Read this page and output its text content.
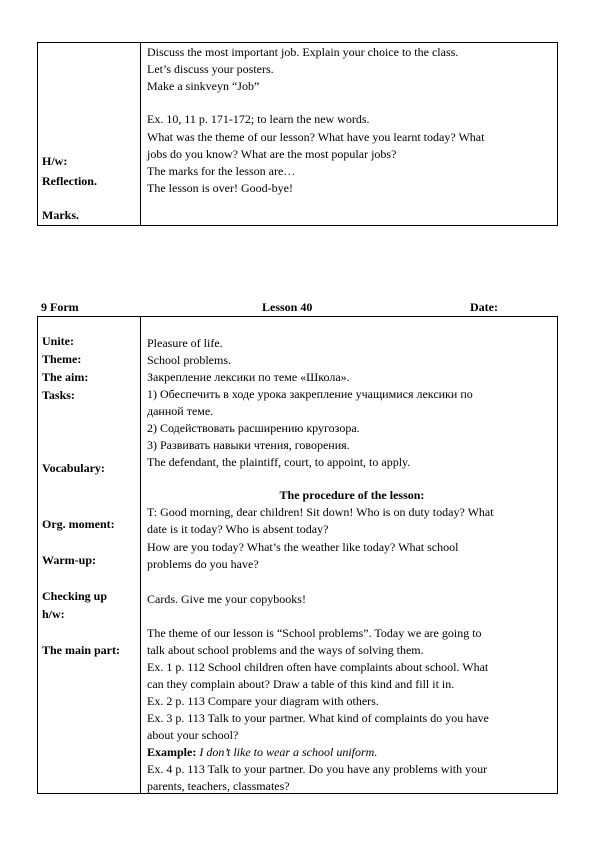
H/w:
Reflection.
Marks.
Discuss the most important job. Explain your choice to the class.
Let’s discuss your posters.
Make a sinkveyn “Job”
Ex. 10, 11 p. 171-172; to learn the new words.
What was the theme of our lesson? What have you learnt today? What
jobs do you know? What are the most popular jobs?
The marks for the lesson are…
The lesson is over! Good-bye!
9 Form	Lesson 40	Date:
Unite:
Theme:
The aim:
Tasks:
Vocabulary:
Org. moment:
Warm-up:
Checking up
h/w:
The main part:
Pleasure of life.
School problems.
Закрепление лексики по теме «Школа».
1) Обеспечить в ходе урока закрепление учащимися лексики по
данной теме.
2) Содействовать расширению кругозора.
3) Развивать навыки чтения, говорения.
The defendant, the plaintiff, court, to appoint, to apply.
The procedure of the lesson:
T: Good morning, dear children! Sit down! Who is on duty today? What
date is it today? Who is absent today?
How are you today? What’s the weather like today? What school
problems do you have?
Cards. Give me your copybooks!
The theme of our lesson is “School problems”. Today we are going to
talk about school problems and the ways of solving them.
Ex. 1 p. 112 School children often have complaints about school. What
can they complain about? Draw a table of this kind and fill it in.
Ex. 2 p. 113 Compare your diagram with others.
Ex. 3 p. 113 Talk to your partner. What kind of complaints do you have
about your school?
Example: I don’t like to wear a school uniform.
Ex. 4 p. 113 Talk to your partner. Do you have any problems with your
parents, teachers, classmates?
